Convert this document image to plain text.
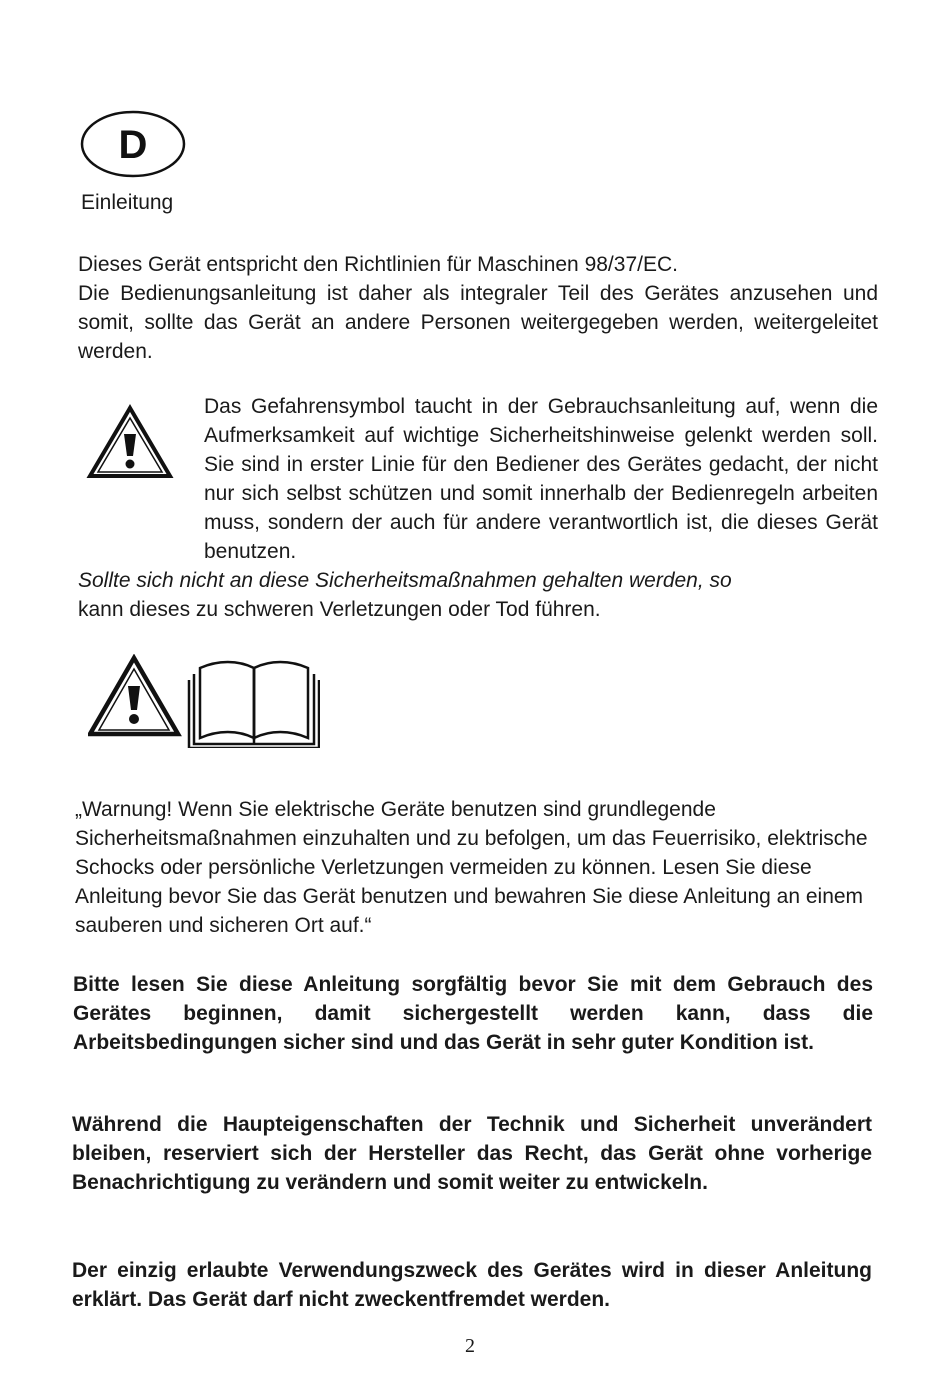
D
Einleitung

Dieses Gerät entspricht den Richtlinien für Maschinen 98/37/EC.

Die Bedienungsanleitung ist daher als integraler Teil des Gerätes anzusehen und somit, sollte das Gerät an andere Personen weitergegeben werden, weitergeleitet werden.

Das Gefahrensymbol taucht in der Gebrauchsanleitung auf, wenn die Aufmerksamkeit auf wichtige Sicherheitshinweise gelenkt werden soll. Sie sind in erster Linie für den Bediener des Gerätes gedacht, der nicht nur sich selbst schützen und somit innerhalb der Bedienregeln arbeiten muss, sondern der auch für andere verantwortlich ist, die dieses Gerät benutzen.

Sollte sich nicht an diese Sicherheitsmaßnahmen gehalten werden, so

kann dieses zu schweren Verletzungen oder Tod führen.

„Warnung! Wenn Sie elektrische Geräte benutzen sind grundlegende Sicherheitsmaßnahmen einzuhalten und zu befolgen, um das Feuerrisiko, elektrische Schocks oder persönliche Verletzungen vermeiden zu können. Lesen Sie diese Anleitung bevor Sie das Gerät benutzen und bewahren Sie diese Anleitung an einem sauberen und sicheren Ort auf.“

Bitte lesen Sie diese Anleitung sorgfältig bevor Sie mit dem Gebrauch des Gerätes beginnen, damit sichergestellt werden kann, dass die Arbeitsbedingungen sicher sind und das Gerät in sehr guter Kondition ist.

Während die Haupteigenschaften der Technik und Sicherheit unverändert bleiben, reserviert sich der Hersteller das Recht, das Gerät ohne vorherige Benachrichtigung zu verändern und somit weiter zu entwickeln.

Der einzig erlaubte Verwendungszweck des Gerätes wird in dieser Anleitung erklärt. Das Gerät darf nicht zweckentfremdet werden.

2
